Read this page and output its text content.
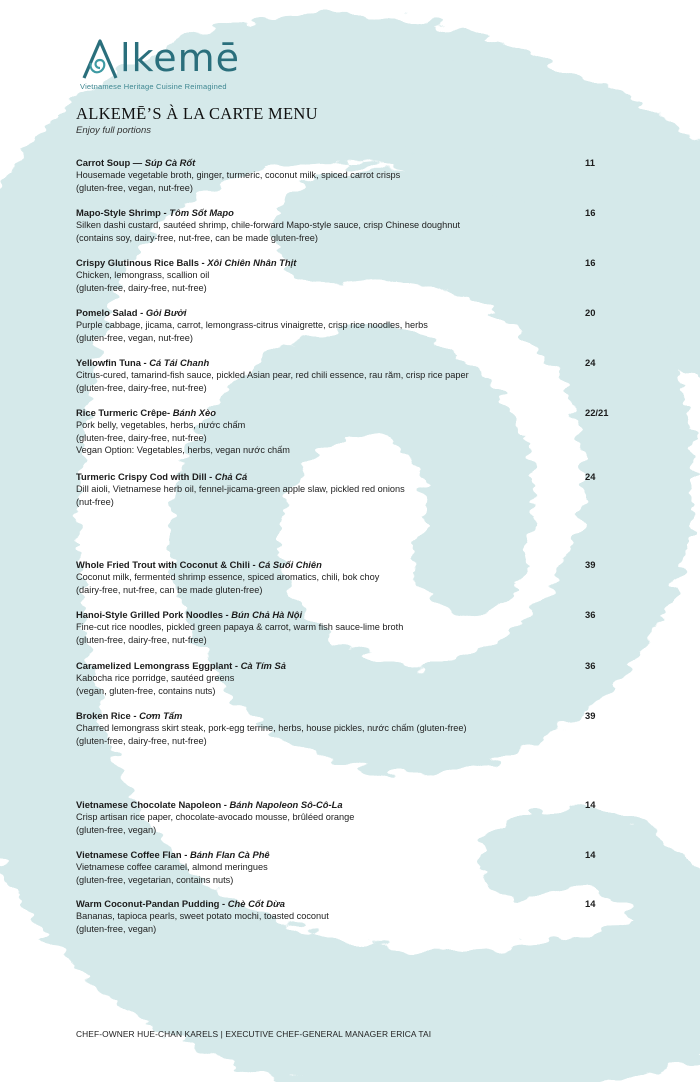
lkemē
Vietnamese Heritage Cuisine Reimagined
ALKEMĒ’S À LA CARTE MENU
Enjoy full portions
Carrot Soup — Súp Cà Rốt
Housemade vegetable broth, ginger, turmeric, coconut milk, spiced carrot crisps
(gluten-free, vegan, nut-free)
11
Mapo-Style Shrimp - Tôm Sốt Mapo
Silken dashi custard, sautéed shrimp, chile-forward Mapo-style sauce, crisp Chinese doughnut
(contains soy, dairy-free, nut-free, can be made gluten-free)
16
Crispy Glutinous Rice Balls - Xôi Chiên Nhân Thịt
Chicken, lemongrass, scallion oil
(gluten-free, dairy-free, nut-free)
16
Pomelo Salad - Gỏi Bưởi
Purple cabbage, jicama, carrot, lemongrass-citrus vinaigrette, crisp rice noodles, herbs
(gluten-free, vegan, nut-free)
20
Yellowfin Tuna - Cá Tái Chanh
Citrus-cured, tamarind-fish sauce, pickled Asian pear, red chili essence, rau răm, crisp rice paper
(gluten-free, dairy-free, nut-free)
24
Rice Turmeric Crêpe- Bánh Xèo
Pork belly, vegetables, herbs, nước chấm
(gluten-free, dairy-free, nut-free)
Vegan Option: Vegetables, herbs, vegan nước chấm
22/21
Turmeric Crispy Cod with Dill - Chả Cá
Dill aioli, Vietnamese herb oil, fennel-jicama-green apple slaw, pickled red onions
(nut-free)
24
Whole Fried Trout with Coconut & Chili - Cá Suối Chiên
Coconut milk, fermented shrimp essence, spiced aromatics, chili, bok choy
(dairy-free, nut-free, can be made gluten-free)
39
Hanoi-Style Grilled Pork Noodles - Bún Chả Hà Nội
Fine-cut rice noodles, pickled green papaya & carrot, warm fish sauce-lime broth
(gluten-free, dairy-free, nut-free)
36
Caramelized Lemongrass Eggplant - Cà Tím Sả
Kabocha rice porridge, sautéed greens
(vegan, gluten-free, contains nuts)
36
Broken Rice - Cơm Tấm
Charred lemongrass skirt steak, pork-egg terrine, herbs, house pickles, nước chấm (gluten-free)
(gluten-free, dairy-free, nut-free)
39
Vietnamese Chocolate Napoleon - Bánh Napoleon Sô-Cô-La
Crisp artisan rice paper, chocolate-avocado mousse, brûléed orange
(gluten-free, vegan)
14
Vietnamese Coffee Flan - Bánh Flan Cà Phê
Vietnamese coffee caramel, almond meringues
(gluten-free, vegetarian, contains nuts)
14
Warm Coconut-Pandan Pudding - Chè Cốt Dừa
Bananas, tapioca pearls, sweet potato mochi, toasted coconut
(gluten-free, vegan)
14
CHEF-OWNER HUE-CHAN KARELS | EXECUTIVE CHEF-GENERAL MANAGER ERICA TAI
